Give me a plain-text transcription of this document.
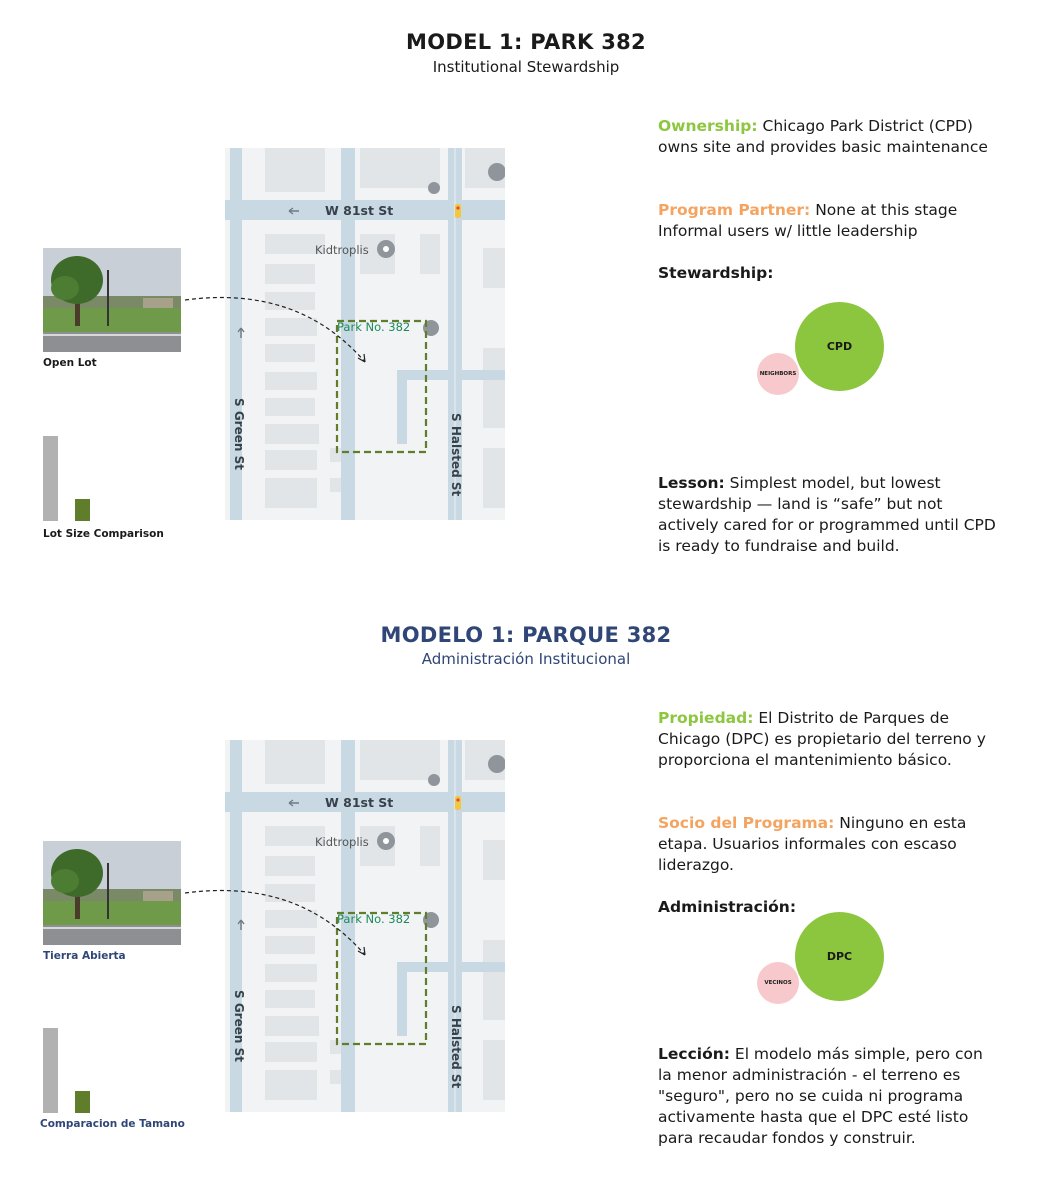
MODEL 1: PARK 382
Institutional Stewardship
Open Lot
Lot Size Comparison
W 81st St
Kidtroplis
Park No. 382
S Green St	S Halsted St
Ownership: Chicago Park District (CPD) owns site and provides basic maintenance
Program Partner: None at this stage Informal users w/ little leadership
Stewardship:
CPD
NEIGHBORS
Lesson: Simplest model, but lowest stewardship — land is “safe” but not actively cared for or programmed until CPD is ready to fundraise and build.
MODELO 1: PARQUE 382
Administración Institucional
Tierra Abierta
Comparacion de Tamano
W 81st St
Kidtroplis
Park No. 382
S Green St	S Halsted St
Propiedad: El Distrito de Parques de Chicago (DPC) es propietario del terreno y proporciona el mantenimiento básico.
Socio del Programa: Ninguno en esta etapa. Usuarios informales con escaso liderazgo.
Administración:
DPC
VECINOS
Lección: El modelo más simple, pero con la menor administración - el terreno es "seguro", pero no se cuida ni programa activamente hasta que el DPC esté listo para recaudar fondos y construir.
